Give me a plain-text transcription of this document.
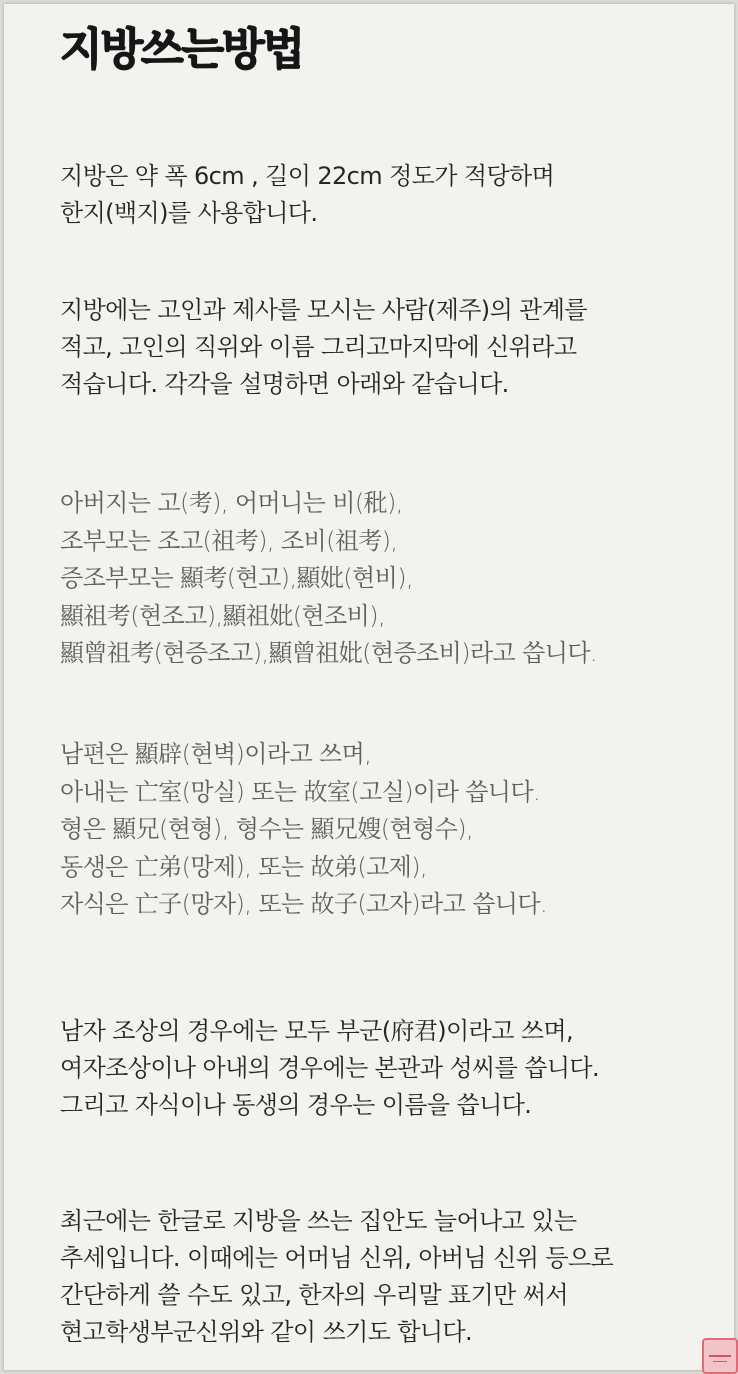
지방쓰는방법
지방은 약 폭 6cm , 길이 22cm 정도가 적당하며
한지(백지)를 사용합니다.
지방에는 고인과 제사를 모시는 사람(제주)의 관계를
적고, 고인의 직위와 이름 그리고마지막에 신위라고
적습니다. 각각을 설명하면 아래와 같습니다.
아버지는 고(考), 어머니는 비(秕),
조부모는 조고(祖考), 조비(祖考),
증조부모는 顯考(현고),顯妣(현비),
顯祖考(현조고),顯祖妣(현조비),
顯曾祖考(현증조고),顯曾祖妣(현증조비)라고 씁니다.
남편은 顯辟(현벽)이라고 쓰며,
아내는 亡室(망실) 또는 故室(고실)이라 씁니다.
형은 顯兄(현형), 형수는 顯兄嫂(현형수),
동생은 亡弟(망제), 또는 故弟(고제),
자식은 亡子(망자), 또는 故子(고자)라고 씁니다.
남자 조상의 경우에는 모두 부군(府君)이라고 쓰며,
여자조상이나 아내의 경우에는 본관과 성씨를 씁니다.
그리고 자식이나 동생의 경우는 이름을 씁니다.
최근에는 한글로 지방을 쓰는 집안도 늘어나고 있는
추세입니다. 이때에는 어머님 신위, 아버님 신위 등으로
간단하게 쓸 수도 있고, 한자의 우리말 표기만 써서
현고학생부군신위와 같이 쓰기도 합니다.
